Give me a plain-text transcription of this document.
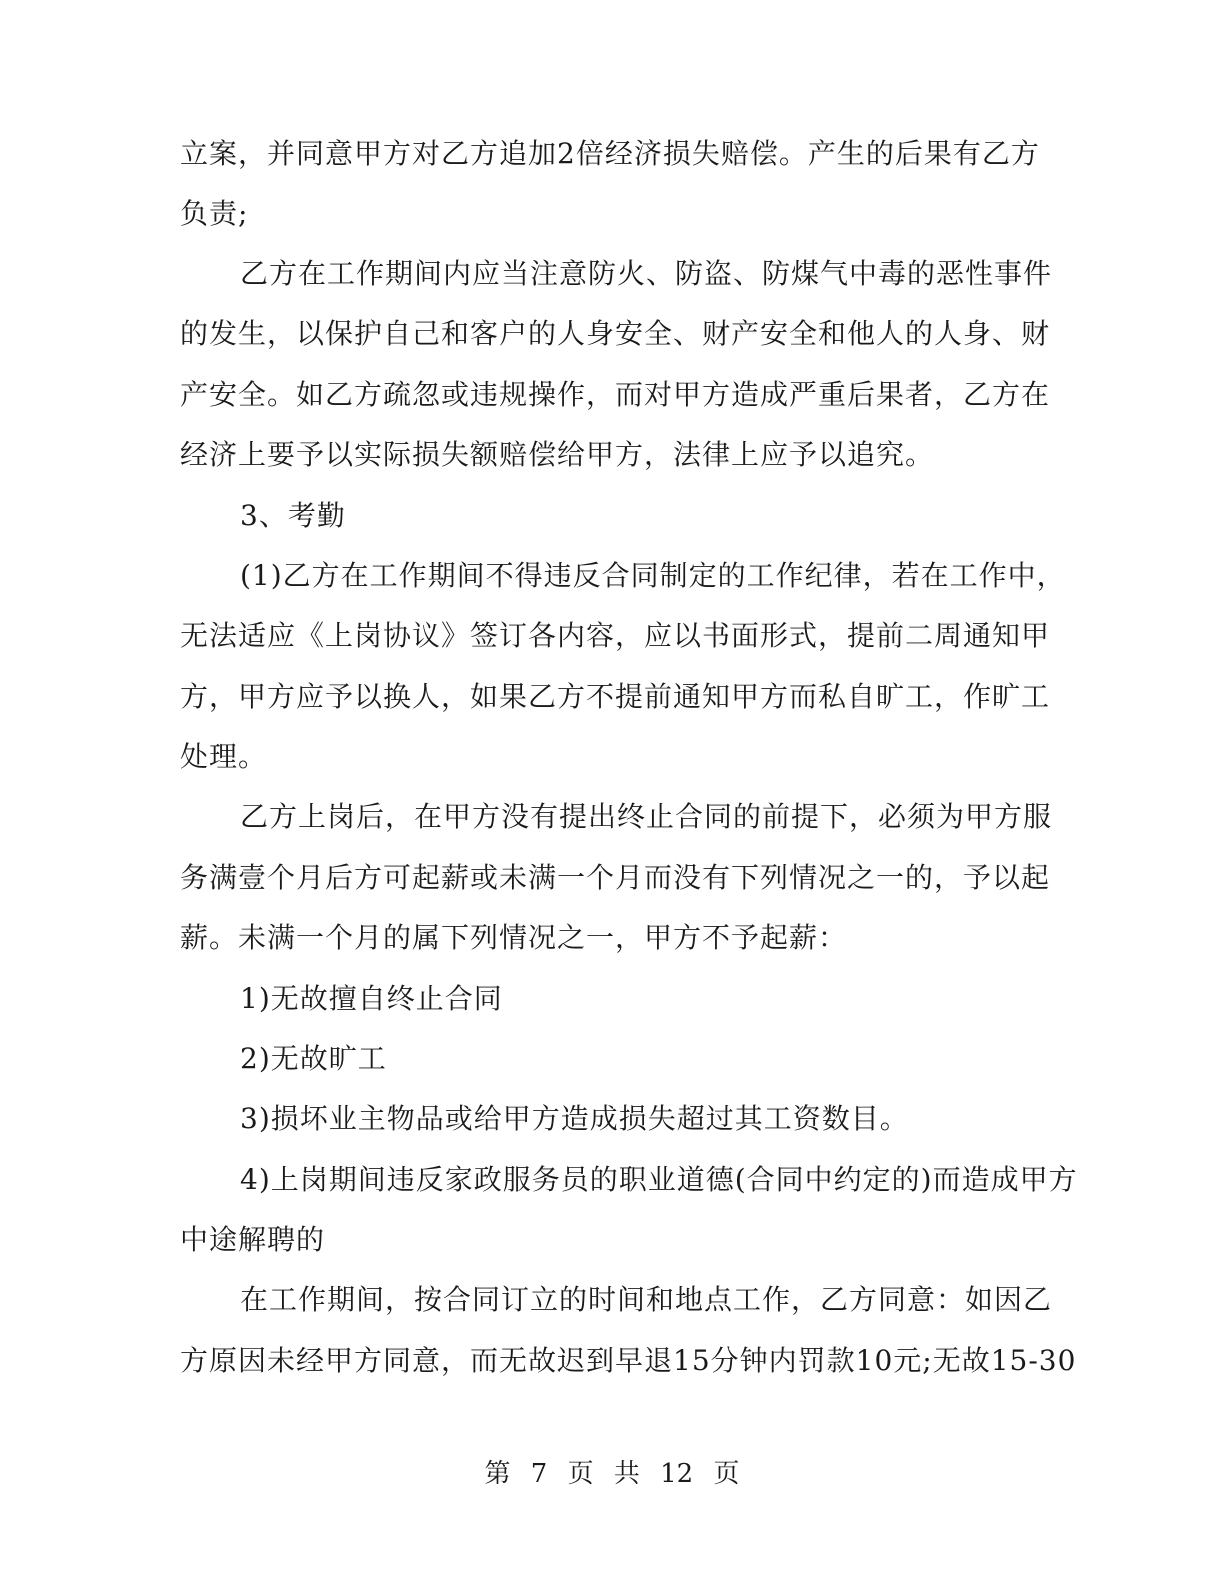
立案，并同意甲方对乙方追加2倍经济损失赔偿。产生的后果有乙方
负责;
乙方在工作期间内应当注意防火、防盗、防煤气中毒的恶性事件
的发生，以保护自己和客户的人身安全、财产安全和他人的人身、财
产安全。如乙方疏忽或违规操作，而对甲方造成严重后果者，乙方在
经济上要予以实际损失额赔偿给甲方，法律上应予以追究。
3、考勤
(1)乙方在工作期间不得违反合同制定的工作纪律，若在工作中，
无法适应《上岗协议》签订各内容，应以书面形式，提前二周通知甲
方，甲方应予以换人，如果乙方不提前通知甲方而私自旷工，作旷工
处理。
乙方上岗后，在甲方没有提出终止合同的前提下，必须为甲方服
务满壹个月后方可起薪或未满一个月而没有下列情况之一的，予以起
薪。未满一个月的属下列情况之一，甲方不予起薪：
1)无故擅自终止合同
2)无故旷工
3)损坏业主物品或给甲方造成损失超过其工资数目。
4)上岗期间违反家政服务员的职业道德(合同中约定的)而造成甲方
中途解聘的
在工作期间，按合同订立的时间和地点工作，乙方同意：如因乙
方原因未经甲方同意，而无故迟到早退15分钟内罚款10元;无故15-30
第 7 页 共 12 页
